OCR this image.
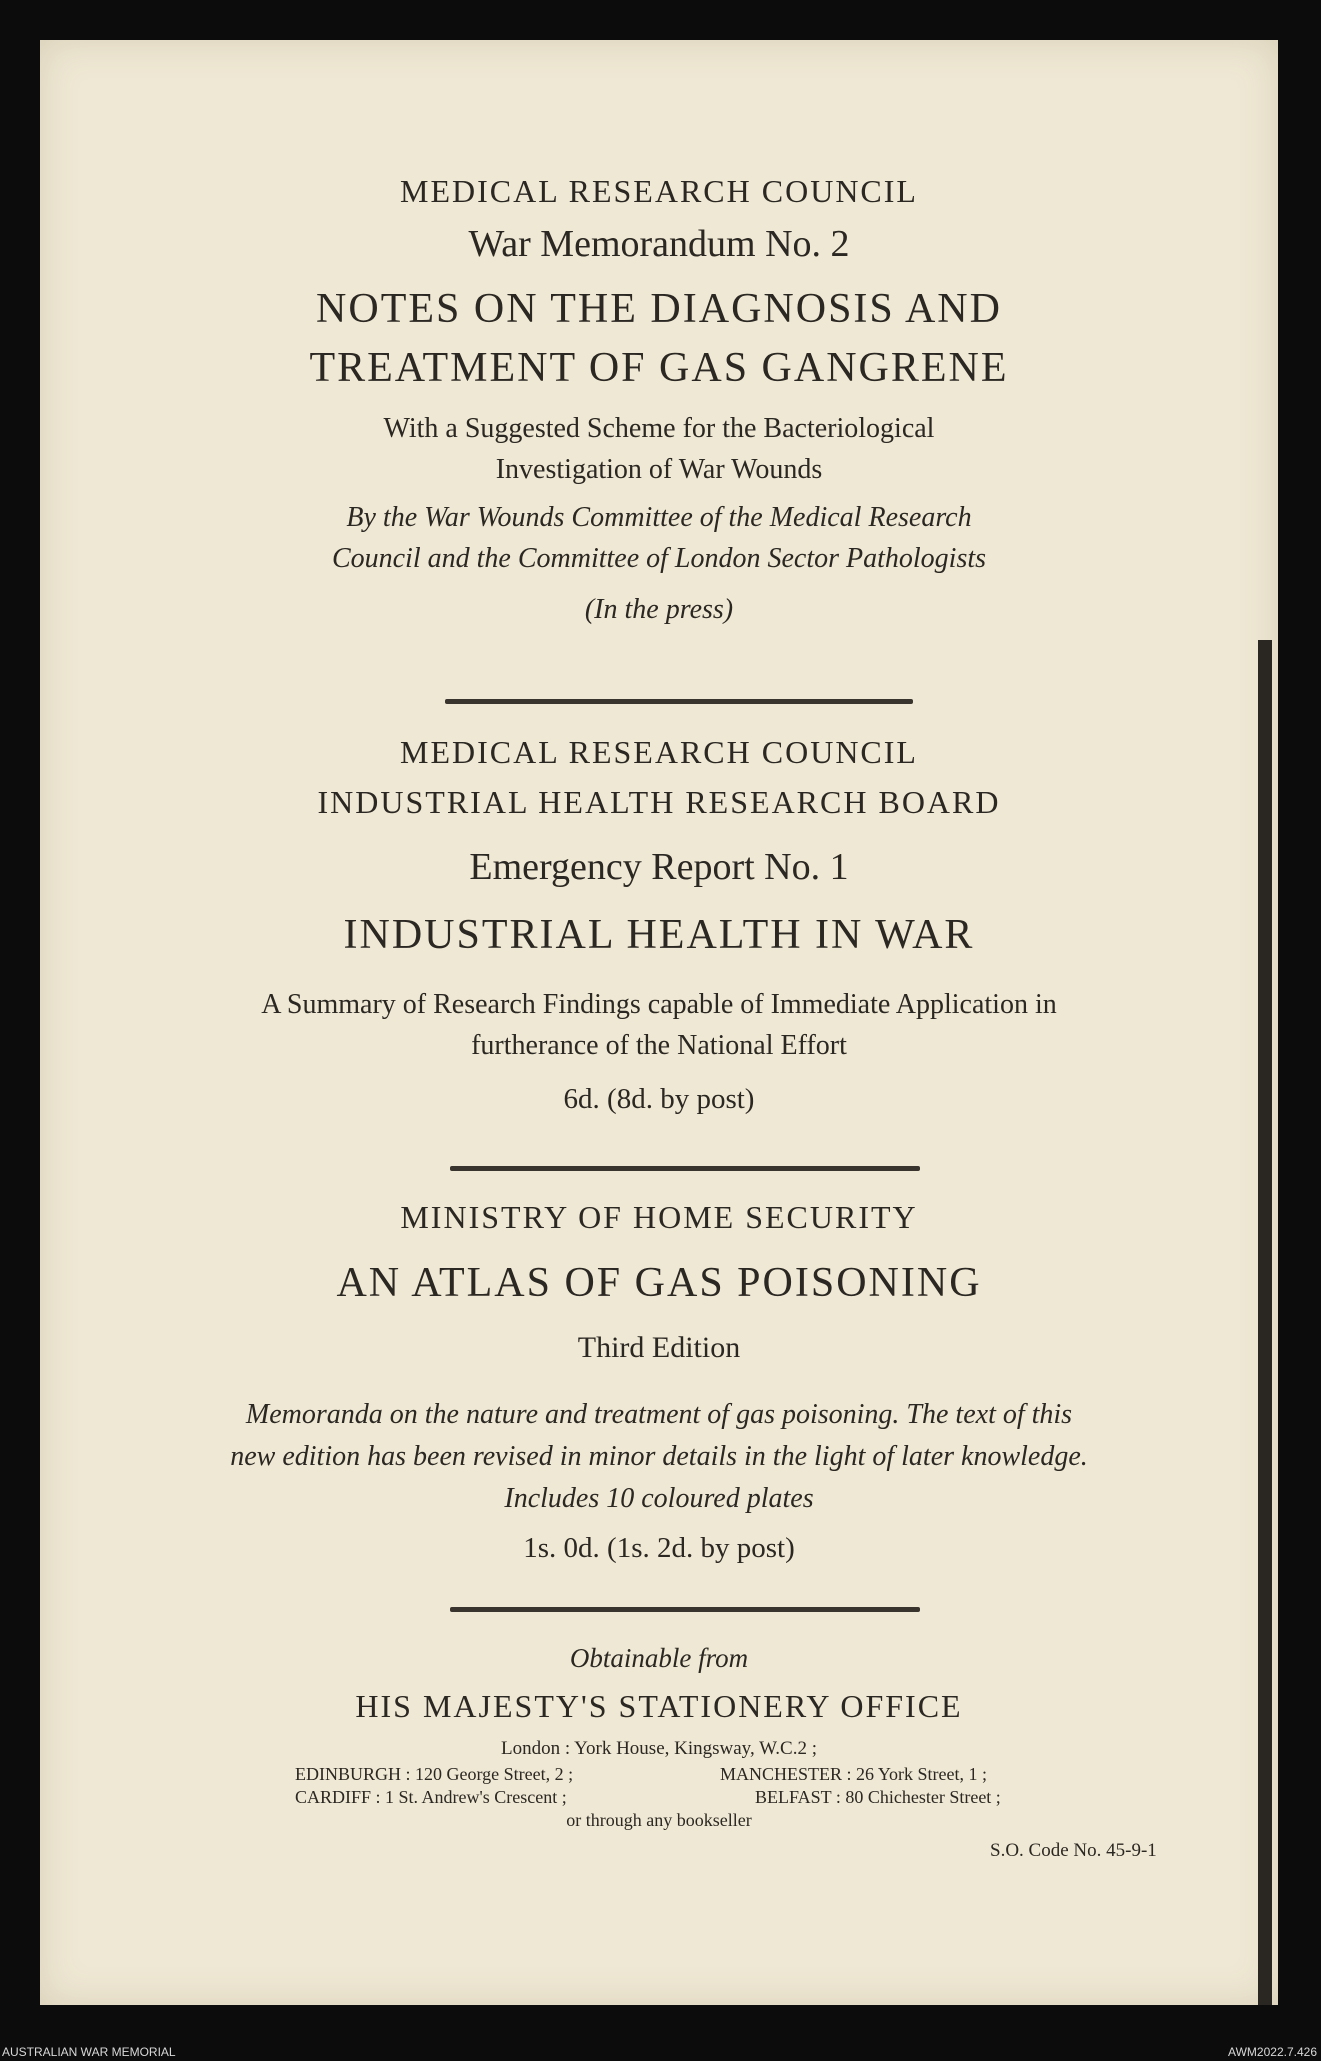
MEDICAL RESEARCH COUNCIL
War Memorandum No. 2
NOTES ON THE DIAGNOSIS AND
TREATMENT OF GAS GANGRENE
With a Suggested Scheme for the Bacteriological
Investigation of War Wounds
By the War Wounds Committee of the Medical Research
Council and the Committee of London Sector Pathologists
(In the press)
MEDICAL RESEARCH COUNCIL
INDUSTRIAL HEALTH RESEARCH BOARD
Emergency Report No. 1
INDUSTRIAL HEALTH IN WAR
A Summary of Research Findings capable of Immediate Application in
furtherance of the National Effort
6d. (8d. by post)
MINISTRY OF HOME SECURITY
AN ATLAS OF GAS POISONING
Third Edition
Memoranda on the nature and treatment of gas poisoning. The text of this
new edition has been revised in minor details in the light of later knowledge.
Includes 10 coloured plates
1s. 0d. (1s. 2d. by post)
Obtainable from
HIS MAJESTY'S STATIONERY OFFICE
London : York House, Kingsway, W.C.2 ;
EDINBURGH : 120 George Street, 2 ;	MANCHESTER : 26 York Street, 1 ;
CARDIFF : 1 St. Andrew's Crescent ;	BELFAST : 80 Chichester Street ;
or through any bookseller
S.O. Code No. 45-9-1
AUSTRALIAN WAR MEMORIAL	AWM2022.7.426
